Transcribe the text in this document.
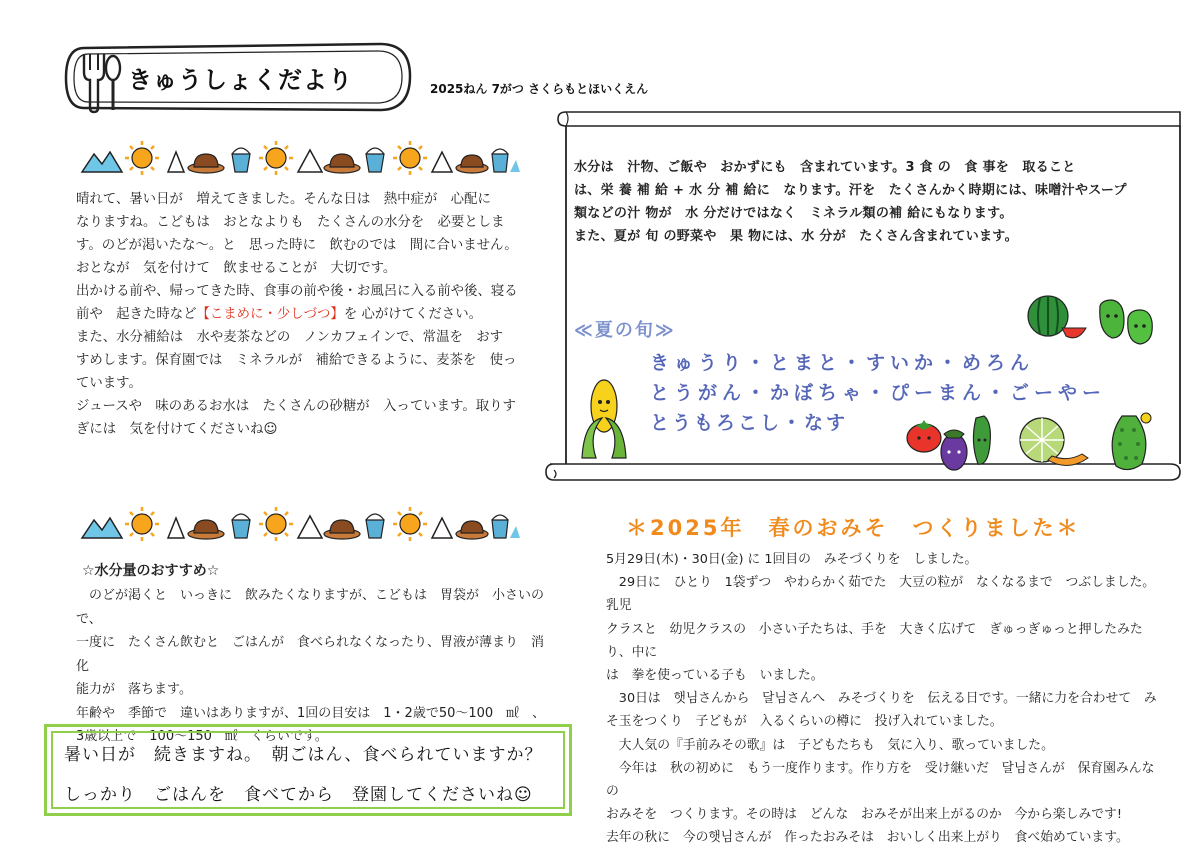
きゅうしょくだより	2025ねん 7がつ さくらもとほいくえん

晴れて、暑い日が　増えてきました。そんな日は　熱中症が　心配に

なりますね。こどもは　おとなよりも　たくさんの水分を　必要としま

す。のどが渇いたな〜。と　思った時に　飲むのでは　間に合いません。

おとなが　気を付けて　飲ませることが　大切です。

出かける前や、帰ってきた時、食事の前や後・お風呂に入る前や後、寝る

前や　起きた時など【こまめに・少しづつ】を 心がけてください。

また、水分補給は　水や麦茶などの　ノンカフェインで、常温を　おす

すめします。保育園では　ミネラルが　補給できるように、麦茶を　使っ

ています。

ジュースや　味のあるお水は　たくさんの砂糖が　入っています。取りす

ぎには　気を付けてくださいね☺

☆水分量のおすすめ☆

　のどが渇くと　いっきに　飲みたくなりますが、こどもは　胃袋が　小さいので、

一度に　たくさん飲むと　ごはんが　食べられなくなったり、胃液が薄まり　消化

能力が　落ちます。

年齢や　季節で　違いはありますが、1回の目安は　1・2歳で50〜100　㎖　、

3歳以上で　100〜150　㎖　くらいです。

暑い日が　続きますね。　朝ごはん、食べられていますか？
しっかり　ごはんを　食べてから　登園してくださいね☺

水分は　汁物、ご飯や　おかずにも　含まれています。3 食 の　食 事を　取ること

は、栄 養 補 給 + 水 分 補 給に　なります。汗を　たくさんかく時期には、味噌汁やスープ

類などの汁 物が　水 分だけではなく　ミネラル類の補 給にもなります。

また、夏が 旬 の野菜や　果 物には、水 分が　たくさん含まれています。

≪夏の旬≫
きゅうり・とまと・すいか・めろん
とうがん・かぼちゃ・ぴーまん・ごーやー
とうもろこし・なす
＊2025年　春のおみそ　つくりました＊

5月29日(木)・30日(金) に 1回目の　みそづくりを　しました。

　29日に　ひとり　1袋ずつ　やわらかく茹でた　大豆の粒が　なくなるまで　つぶしました。乳児

クラスと　幼児クラスの　小さい子たちは、手を　大きく広げて　ぎゅっぎゅっと押したみたり、中に

は　拳を使っている子も　いました。

　30日は　햇님さんから　달님さんへ　みそづくりを　伝える日です。一緒に力を合わせて　み

そ玉をつくり　子どもが　入るくらいの樽に　投げ入れていました。

　大人気の『手前みその歌』は　子どもたちも　気に入り、歌っていました。

　今年は　秋の初めに　もう一度作ります。作り方を　受け継いだ　달님さんが　保育園みんなの

おみそを　つくります。その時は　どんな　おみそが出来上がるのか　今から楽しみです!

去年の秋に　今の햇님さんが　作ったおみそは　おいしく出来上がり　食べ始めています。
